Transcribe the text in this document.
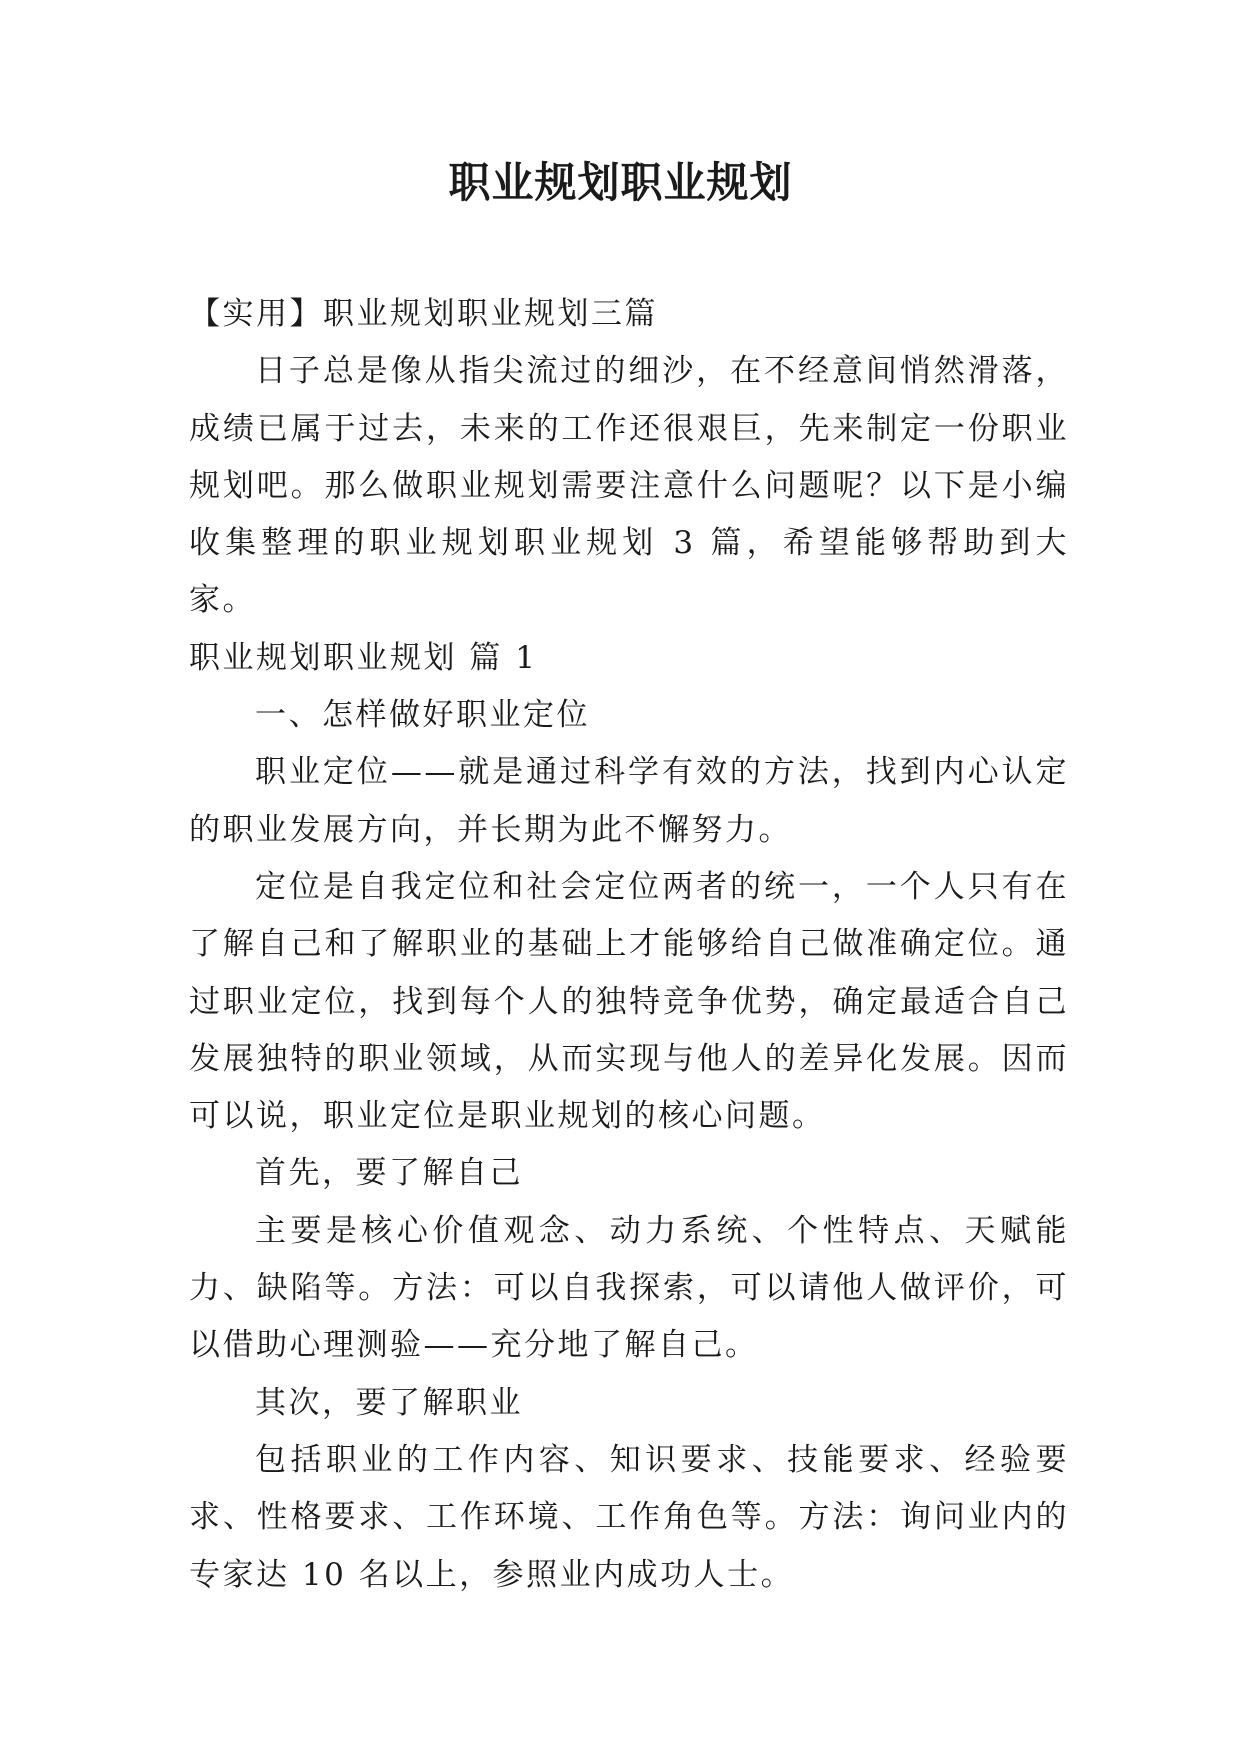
职业规划职业规划

【实用】职业规划职业规划三篇

日子总是像从指尖流过的细沙，在不经意间悄然滑落，成绩已属于过去，未来的工作还很艰巨，先来制定一份职业规划吧。那么做职业规划需要注意什么问题呢？以下是小编收集整理的职业规划职业规划 3 篇，希望能够帮助到大家。

职业规划职业规划 篇 1

一、怎样做好职业定位

职业定位——就是通过科学有效的方法，找到内心认定的职业发展方向，并长期为此不懈努力。

定位是自我定位和社会定位两者的统一，一个人只有在了解自己和了解职业的基础上才能够给自己做准确定位。通过职业定位，找到每个人的独特竞争优势，确定最适合自己发展独特的职业领域，从而实现与他人的差异化发展。因而可以说，职业定位是职业规划的核心问题。

首先，要了解自己

主要是核心价值观念、动力系统、个性特点、天赋能力、缺陷等。方法：可以自我探索，可以请他人做评价，可以借助心理测验——充分地了解自己。

其次，要了解职业

包括职业的工作内容、知识要求、技能要求、经验要求、性格要求、工作环境、工作角色等。方法：询问业内的专家达 10 名以上，参照业内成功人士。
